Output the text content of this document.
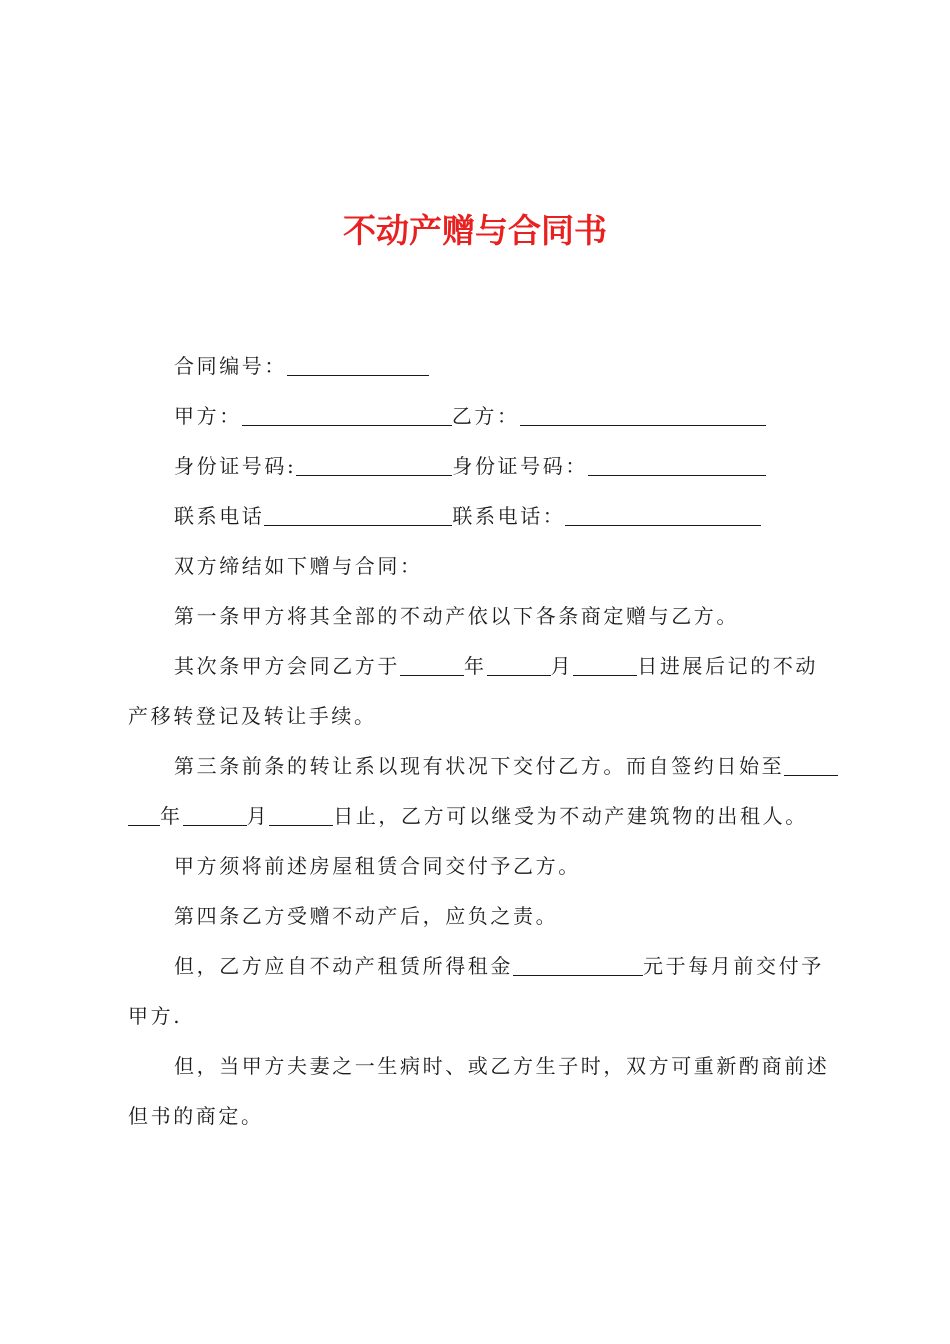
不动产赠与合同书
合同编号：
甲方：	乙方：
身份证号码:	身份证号码：
联系电话	联系电话：
双方缔结如下赠与合同：
第一条甲方将其全部的不动产依以下各条商定赠与乙方。
其次条甲方会同乙方于	年	月	日进展后记的不动
产移转登记及转让手续。
第三条前条的转让系以现有状况下交付乙方。而自签约日始至
年	月	日止，乙方可以继受为不动产建筑物的出租人。
甲方须将前述房屋租赁合同交付予乙方。
第四条乙方受赠不动产后，应负之责。
但，乙方应自不动产租赁所得租金	元于每月前交付予
甲方.
但，当甲方夫妻之一生病时、或乙方生子时，双方可重新酌商前述
但书的商定。
